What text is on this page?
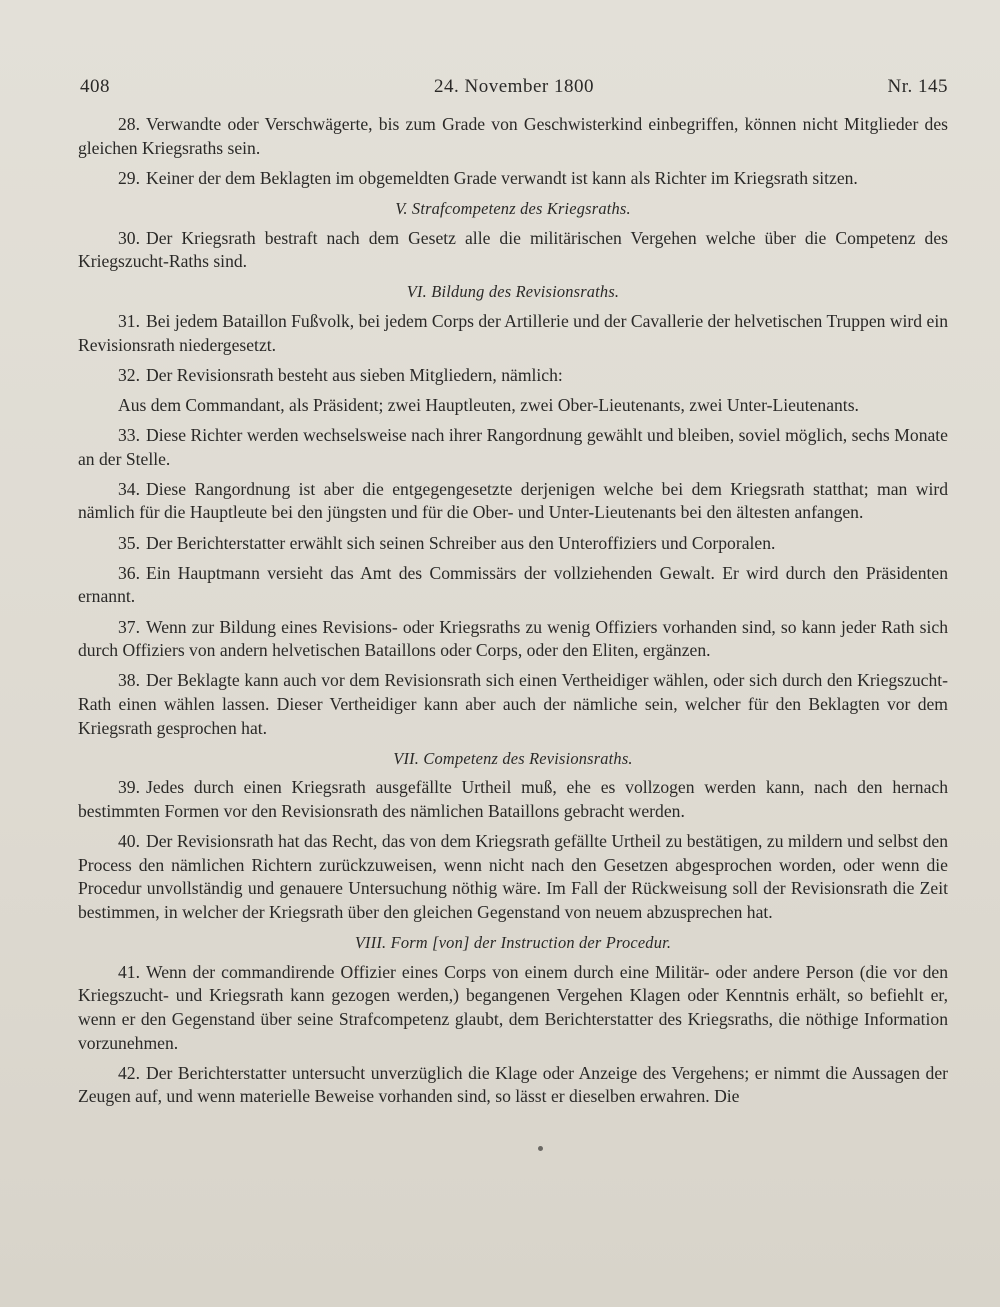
408	24. November 1800	Nr. 145

28. Verwandte oder Verschwägerte, bis zum Grade von Geschwisterkind einbegriffen, können nicht Mitglieder des gleichen Kriegsraths sein.

29. Keiner der dem Beklagten im obgemeldten Grade verwandt ist kann als Richter im Kriegsrath sitzen.

V. Strafcompetenz des Kriegsraths.

30. Der Kriegsrath bestraft nach dem Gesetz alle die militärischen Vergehen welche über die Competenz des Kriegszucht-Raths sind.

VI. Bildung des Revisionsraths.

31. Bei jedem Bataillon Fußvolk, bei jedem Corps der Artillerie und der Cavallerie der helvetischen Truppen wird ein Revisionsrath niedergesetzt.

32. Der Revisionsrath besteht aus sieben Mitgliedern, nämlich:

Aus dem Commandant, als Präsident; zwei Hauptleuten, zwei Ober-Lieutenants, zwei Unter-Lieutenants.

33. Diese Richter werden wechselsweise nach ihrer Rangordnung gewählt und bleiben, soviel möglich, sechs Monate an der Stelle.

34. Diese Rangordnung ist aber die entgegengesetzte derjenigen welche bei dem Kriegsrath statthat; man wird nämlich für die Hauptleute bei den jüngsten und für die Ober- und Unter-Lieutenants bei den ältesten anfangen.

35. Der Berichterstatter erwählt sich seinen Schreiber aus den Unteroffiziers und Corporalen.

36. Ein Hauptmann versieht das Amt des Commissärs der vollziehenden Gewalt. Er wird durch den Präsidenten ernannt.

37. Wenn zur Bildung eines Revisions- oder Kriegsraths zu wenig Offiziers vorhanden sind, so kann jeder Rath sich durch Offiziers von andern helvetischen Bataillons oder Corps, oder den Eliten, ergänzen.

38. Der Beklagte kann auch vor dem Revisionsrath sich einen Vertheidiger wählen, oder sich durch den Kriegszucht-Rath einen wählen lassen. Dieser Vertheidiger kann aber auch der nämliche sein, welcher für den Beklagten vor dem Kriegsrath gesprochen hat.

VII. Competenz des Revisionsraths.

39. Jedes durch einen Kriegsrath ausgefällte Urtheil muß, ehe es vollzogen werden kann, nach den hernach bestimmten Formen vor den Revisionsrath des nämlichen Bataillons gebracht werden.

40. Der Revisionsrath hat das Recht, das von dem Kriegsrath gefällte Urtheil zu bestätigen, zu mildern und selbst den Process den nämlichen Richtern zurückzuweisen, wenn nicht nach den Gesetzen abgesprochen worden, oder wenn die Procedur unvollständig und genauere Untersuchung nöthig wäre. Im Fall der Rückweisung soll der Revisionsrath die Zeit bestimmen, in welcher der Kriegsrath über den gleichen Gegenstand von neuem abzusprechen hat.

VIII. Form [von] der Instruction der Procedur.

41. Wenn der commandirende Offizier eines Corps von einem durch eine Militär- oder andere Person (die vor den Kriegszucht- und Kriegsrath kann gezogen werden,) begangenen Vergehen Klagen oder Kenntnis erhält, so befiehlt er, wenn er den Gegenstand über seine Strafcompetenz glaubt, dem Berichterstatter des Kriegsraths, die nöthige Information vorzunehmen.

42. Der Berichterstatter untersucht unverzüglich die Klage oder Anzeige des Vergehens; er nimmt die Aussagen der Zeugen auf, und wenn materielle Beweise vorhanden sind, so lässt er dieselben erwahren. Die
